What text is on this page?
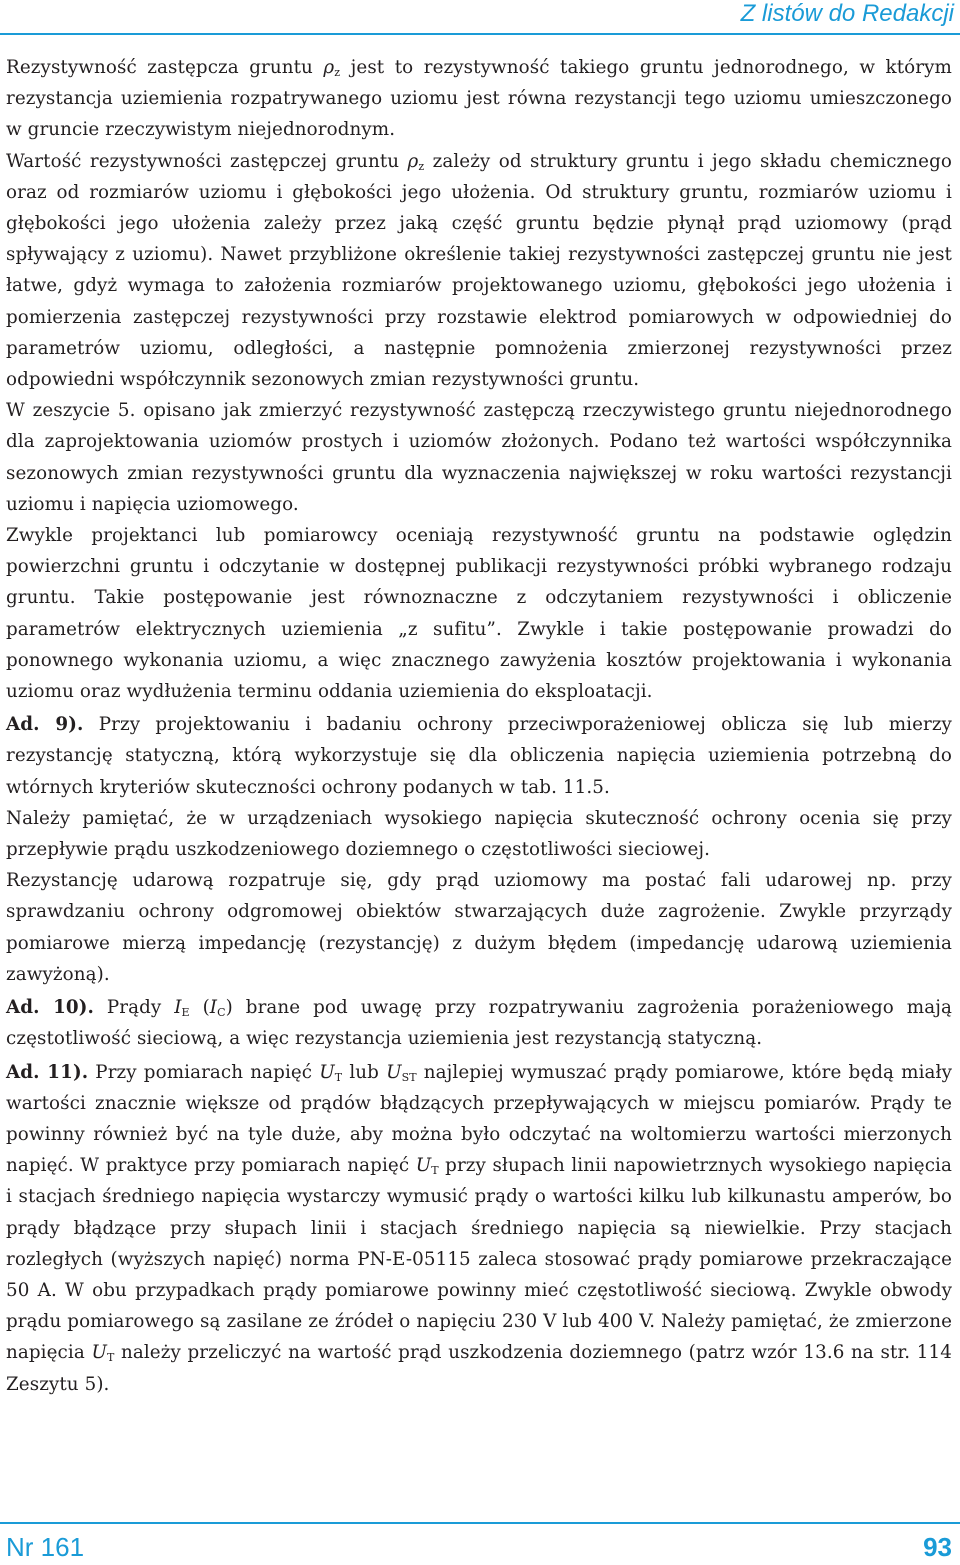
Z listów do Redakcji

Rezystywność zastępcza gruntu $\rho_z$ jest to rezystywność takiego gruntu jednorodnego, w którym rezystancja uziemienia rozpatrywanego uziomu jest równa rezystancji tego uziomu umieszczonego w gruncie rzeczywistym niejednorodnym.

Wartość rezystywności zastępczej gruntu $\rho_z$ zależy od struktury gruntu i jego składu chemicznego oraz od rozmiarów uziomu i głębokości jego ułożenia. Od struktury gruntu, rozmiarów uziomu i głębokości jego ułożenia zależy przez jaką część gruntu będzie płynął prąd uziomowy (prąd spływający z uziomu). Nawet przybliżone określenie takiej rezystywności zastępczej gruntu nie jest łatwe, gdyż wymaga to założenia rozmiarów projektowanego uziomu, głębokości jego ułożenia i pomierzenia zastępczej rezystywności przy rozstawie elektrod pomiarowych w odpowiedniej do parametrów uziomu, odległości, a następnie pomnożenia zmierzonej rezystywności przez odpowiedni współczynnik sezonowych zmian rezystywności gruntu.

W zeszycie 5. opisano jak zmierzyć rezystywność zastępczą rzeczywistego gruntu niejednorodnego dla zaprojektowania uziomów prostych i uziomów złożonych. Podano też wartości współczynnika sezonowych zmian rezystywności gruntu dla wyznaczenia największej w roku wartości rezystancji uziomu i napięcia uziomowego.

Zwykle projektanci lub pomiarowcy oceniają rezystywność gruntu na podstawie oględzin powierzchni gruntu i odczytanie w dostępnej publikacji rezystywności próbki wybranego rodzaju gruntu. Takie postępowanie jest równoznaczne z odczytaniem rezystywności i obliczenie parametrów elektrycznych uziemienia „z sufitu”. Zwykle i takie postępowanie prowadzi do ponownego wykonania uziomu, a więc znacznego zawyżenia kosztów projektowania i wykonania uziomu oraz wydłużenia terminu oddania uziemienia do eksploatacji.

Ad. 9). Przy projektowaniu i badaniu ochrony przeciwporażeniowej oblicza się lub mierzy rezystancję statyczną, którą wykorzystuje się dla obliczenia napięcia uziemienia potrzebną do wtórnych kryteriów skuteczności ochrony podanych w tab. 11.5.

Należy pamiętać, że w urządzeniach wysokiego napięcia skuteczność ochrony ocenia się przy przepływie prądu uszkodzeniowego doziemnego o częstotliwości sieciowej.

Rezystancję udarową rozpatruje się, gdy prąd uziomowy ma postać fali udarowej np. przy sprawdzaniu ochrony odgromowej obiektów stwarzających duże zagrożenie. Zwykle przyrządy pomiarowe mierzą impedancję (rezystancję) z dużym błędem (impedancję udarową uziemienia zawyżoną).

Ad. 10). Prądy $I_E$ $(I_C)$ brane pod uwagę przy rozpatrywaniu zagrożenia porażeniowego mają częstotliwość sieciową, a więc rezystancja uziemienia jest rezystancją statyczną.

Ad. 11). Przy pomiarach napięć $U_T$ lub $U_{ST}$ najlepiej wymuszać prądy pomiarowe, które będą miały wartości znacznie większe od prądów błądzących przepływających w miejscu pomiarów. Prądy te powinny również być na tyle duże, aby można było odczytać na woltomierzu wartości mierzonych napięć. W praktyce przy pomiarach napięć $U_T$ przy słupach linii napowietrznych wysokiego napięcia i stacjach średniego napięcia wystarczy wymusić prądy o wartości kilku lub kilkunastu amperów, bo prądy błądzące przy słupach linii i stacjach średniego napięcia są niewielkie. Przy stacjach rozległych (wyższych napięć) norma PN-E-05115 zaleca stosować prądy pomiarowe przekraczające 50 A. W obu przypadkach prądy pomiarowe powinny mieć częstotliwość sieciową. Zwykle obwody prądu pomiarowego są zasilane ze źródeł o napięciu 230 V lub 400 V. Należy pamiętać, że zmierzone napięcia $U_T$ należy przeliczyć na wartość prąd uszkodzenia doziemnego (patrz wzór 13.6 na str. 114 Zeszytu 5).

Nr 161	93
